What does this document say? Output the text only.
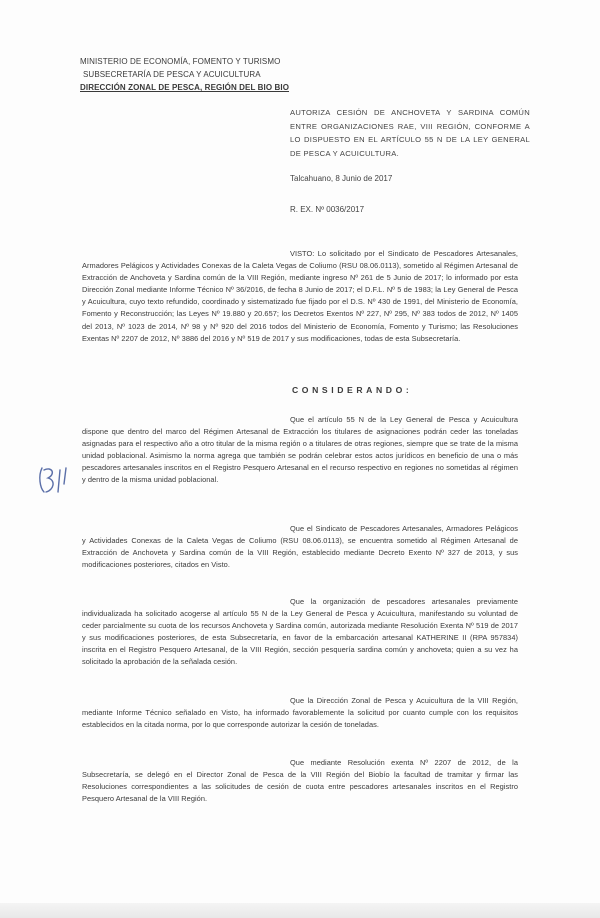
MINISTERIO DE ECONOMÍA, FOMENTO Y TURISMO
SUBSECRETARÍA DE PESCA Y ACUICULTURA
DIRECCIÓN ZONAL DE PESCA, REGIÓN DEL BIO BIO
AUTORIZA CESIÓN DE ANCHOVETA Y SARDINA COMÚN ENTRE ORGANIZACIONES RAE, VIII REGIÓN, CONFORME A LO DISPUESTO EN EL ARTÍCULO 55 N DE LA LEY GENERAL DE PESCA Y ACUICULTURA.
Talcahuano, 8 Junio de 2017
R. EX. Nº 0036/2017
VISTO: Lo solicitado por el Sindicato de Pescadores Artesanales, Armadores Pelágicos y Actividades Conexas de la Caleta Vegas de Coliumo (RSU 08.06.0113), sometido al Régimen Artesanal de Extracción de Anchoveta y Sardina común de la VIII Región, mediante ingreso Nº 261 de 5 Junio de 2017; lo informado por esta Dirección Zonal mediante Informe Técnico Nº 36/2016, de fecha 8 Junio de 2017; el D.F.L. Nº 5 de 1983; la Ley General de Pesca y Acuicultura, cuyo texto refundido, coordinado y sistematizado fue fijado por el D.S. Nº 430 de 1991, del Ministerio de Economía, Fomento y Reconstrucción; las Leyes Nº 19.880 y 20.657; los Decretos Exentos Nº 227, Nº 295, Nº 383 todos de 2012, Nº 1405 del 2013, Nº 1023 de 2014, Nº 98 y Nº 920 del 2016 todos del Ministerio de Economía, Fomento y Turismo; las Resoluciones Exentas Nº 2207 de 2012, Nº 3886 del 2016 y Nº 519 de 2017 y sus modificaciones, todas de esta Subsecretaría.
CONSIDERANDO:
Que el artículo 55 N de la Ley General de Pesca y Acuicultura dispone que dentro del marco del Régimen Artesanal de Extracción los titulares de asignaciones podrán ceder las toneladas asignadas para el respectivo año a otro titular de la misma región o a titulares de otras regiones, siempre que se trate de la misma unidad poblacional. Asimismo la norma agrega que también se podrán celebrar estos actos jurídicos en beneficio de una o más pescadores artesanales inscritos en el Registro Pesquero Artesanal en el recurso respectivo en regiones no sometidas al régimen y dentro de la misma unidad poblacional.
Que el Sindicato de Pescadores Artesanales, Armadores Pelágicos y Actividades Conexas de la Caleta Vegas de Coliumo (RSU 08.06.0113), se encuentra sometido al Régimen Artesanal de Extracción de Anchoveta y Sardina común de la VIII Región, establecido mediante Decreto Exento Nº 327 de 2013, y sus modificaciones posteriores, citados en Visto.
Que la organización de pescadores artesanales previamente individualizada ha solicitado acogerse al artículo 55 N de la Ley General de Pesca y Acuicultura, manifestando su voluntad de ceder parcialmente su cuota de los recursos Anchoveta y Sardina común, autorizada mediante Resolución Exenta Nº 519 de 2017 y sus modificaciones posteriores, de esta Subsecretaría, en favor de la embarcación artesanal KATHERINE II (RPA 957834) inscrita en el Registro Pesquero Artesanal, de la VIII Región, sección pesquería sardina común y anchoveta; quien a su vez ha solicitado la aprobación de la señalada cesión.
Que la Dirección Zonal de Pesca y Acuicultura de la VIII Región, mediante Informe Técnico señalado en Visto, ha informado favorablemente la solicitud por cuanto cumple con los requisitos establecidos en la citada norma, por lo que corresponde autorizar la cesión de toneladas.
Que mediante Resolución exenta Nº 2207 de 2012, de la Subsecretaría, se delegó en el Director Zonal de Pesca de la VIII Región del Biobío la facultad de tramitar y firmar las Resoluciones correspondientes a las solicitudes de cesión de cuota entre pescadores artesanales inscritos en el Registro Pesquero Artesanal de la VIII Región.
